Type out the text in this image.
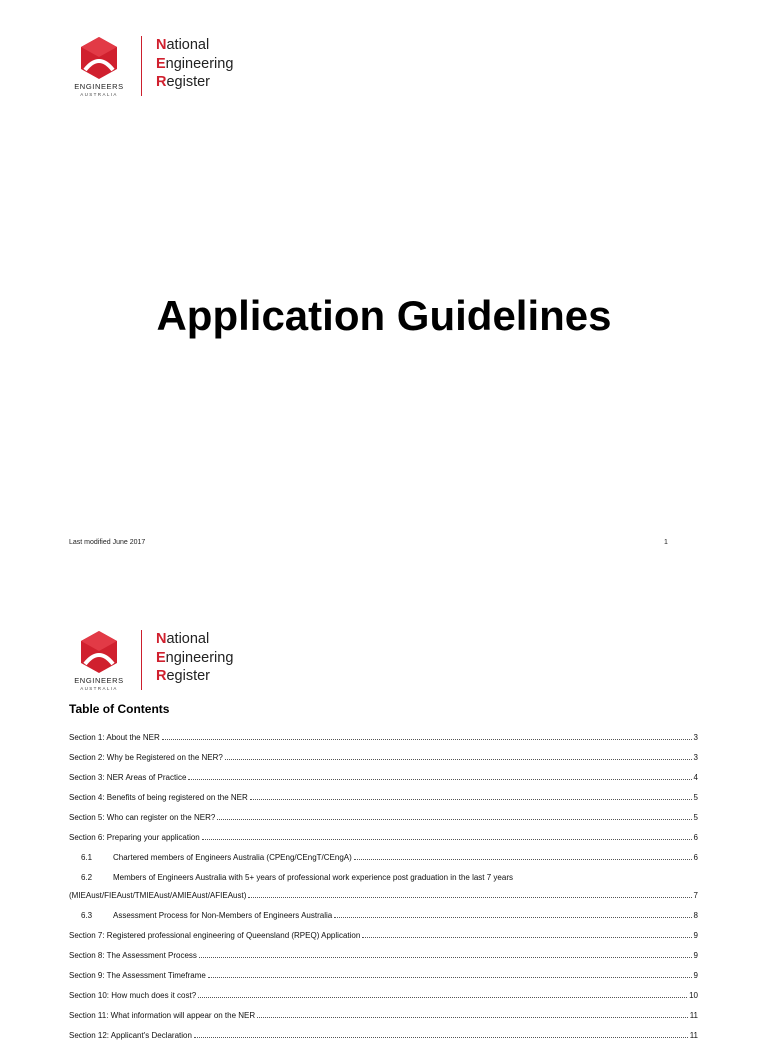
ENGINEERS
AUSTRALIA
National
Engineering
Register
Application Guidelines
Last modified June 2017	1
ENGINEERS
AUSTRALIA
National
Engineering
Register
Table of Contents
Section 1: About the NER	3
Section 2: Why be Registered on the NER?	3
Section 3: NER Areas of Practice	4
Section 4: Benefits of being registered on the NER	5
Section 5: Who can register on the NER?	5
Section 6: Preparing your application	6
6.1	Chartered members of Engineers Australia (CPEng/CEngT/CEngA)	6
6.2	Members of Engineers Australia with 5+ years of professional work experience post graduation in the last 7 years
(MIEAust/FIEAust/TMIEAust/AMIEAust/AFIEAust)	7
6.3	Assessment Process for Non-Members of Engineers Australia	8
Section 7: Registered professional engineering of Queensland (RPEQ) Application	9
Section 8: The Assessment Process	9
Section 9: The Assessment Timeframe	9
Section 10: How much does it cost?	10
Section 11: What information will appear on the NER	11
Section 12: Applicant's Declaration	11
